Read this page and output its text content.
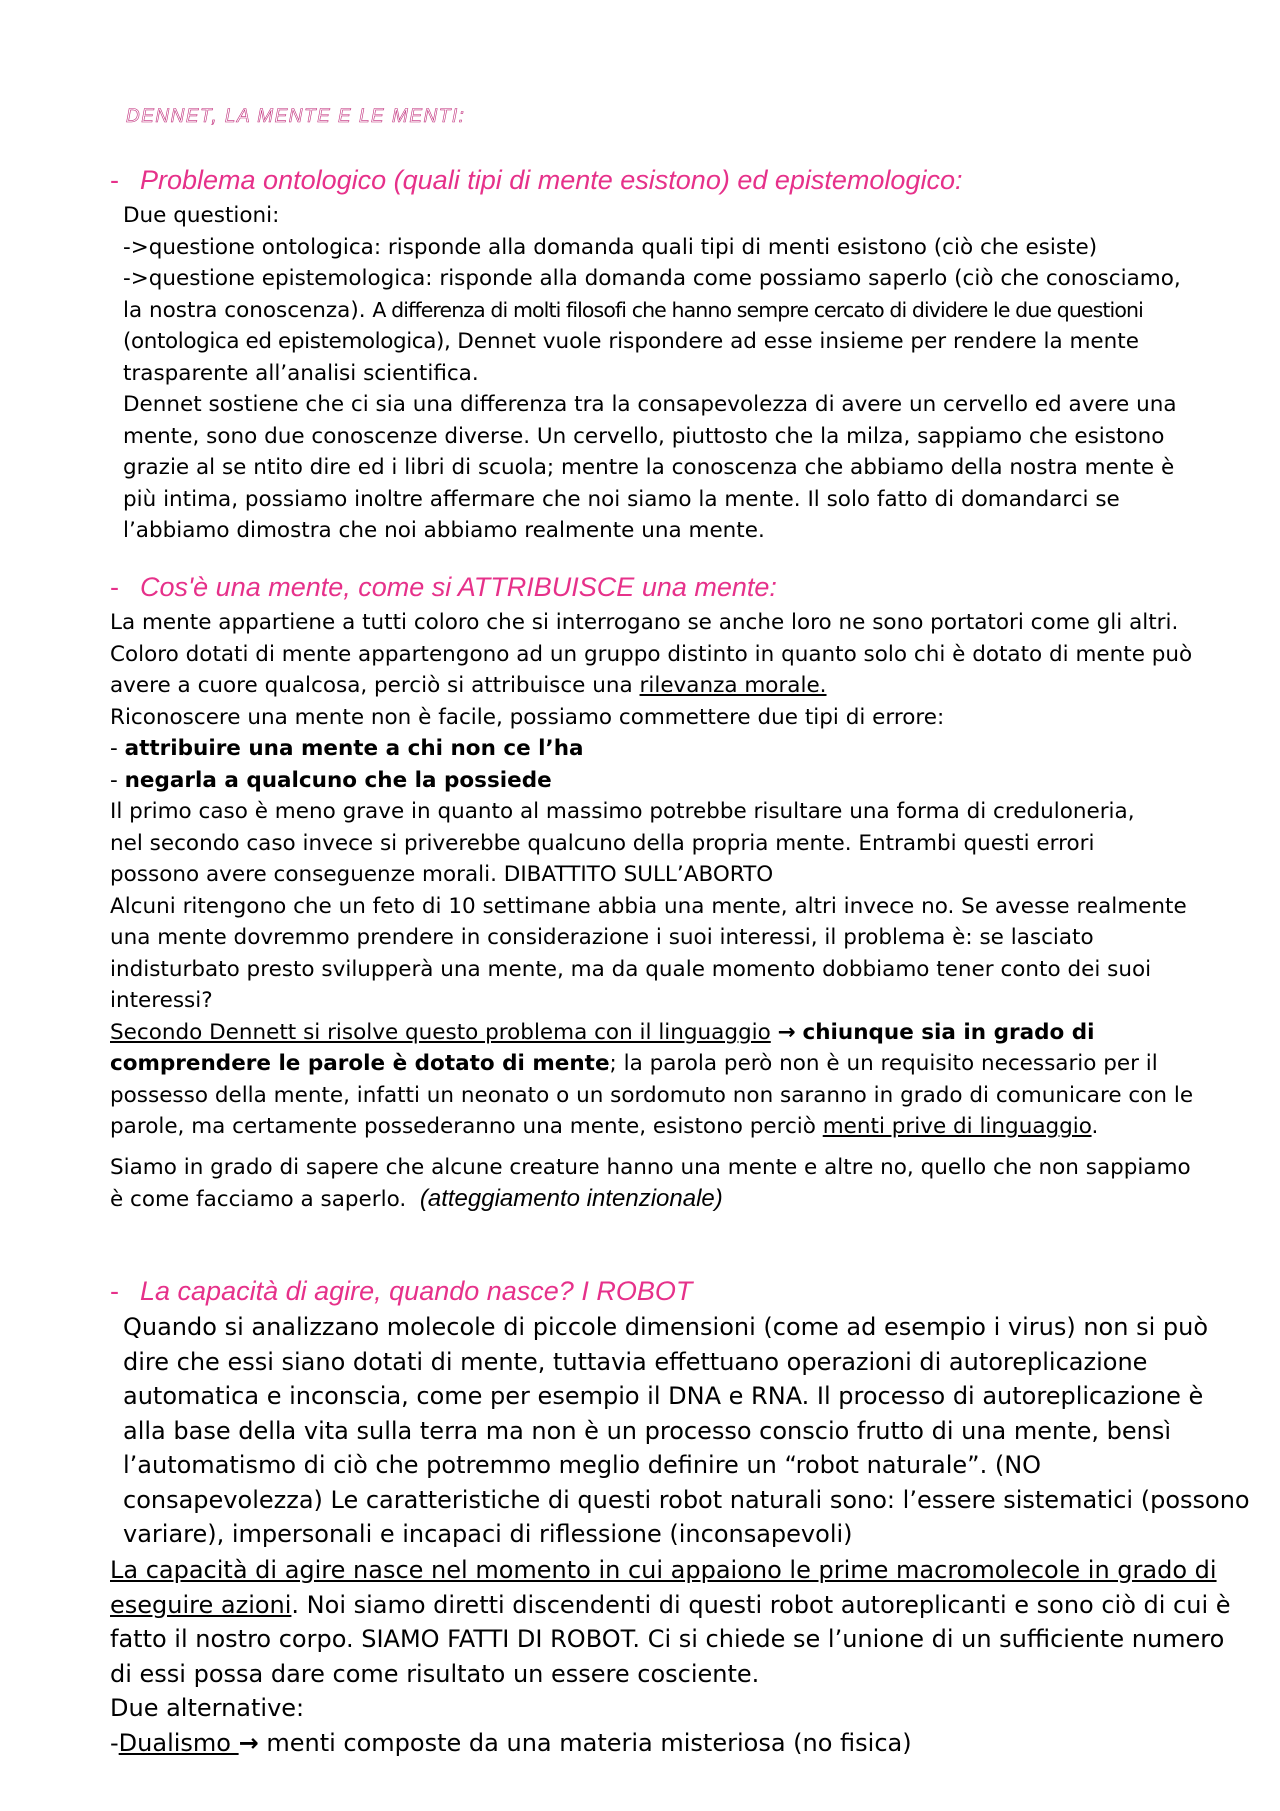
DENNET, LA MENTE E LE MENTI:
- Problema ontologico (quali tipi di mente esistono) ed epistemologico:

Due questioni:

->questione ontologica: risponde alla domanda quali tipi di menti esistono (ciò che esiste)

->questione epistemologica: risponde alla domanda come possiamo saperlo (ciò che conosciamo,

la nostra conoscenza). A differenza di molti filosofi che hanno sempre cercato di dividere le due questioni

(ontologica ed epistemologica), Dennet vuole rispondere ad esse insieme per rendere la mente

trasparente all’analisi scientifica.

Dennet sostiene che ci sia una differenza tra la consapevolezza di avere un cervello ed avere una

mente, sono due conoscenze diverse. Un cervello, piuttosto che la milza, sappiamo che esistono

grazie al se ntito dire ed i libri di scuola; mentre la conoscenza che abbiamo della nostra mente è

più intima, possiamo inoltre affermare che noi siamo la mente. Il solo fatto di domandarci se

l’abbiamo dimostra che noi abbiamo realmente una mente.

- Cos'è una mente, come si ATTRIBUISCE una mente:

La mente appartiene a tutti coloro che si interrogano se anche loro ne sono portatori come gli altri.

Coloro dotati di mente appartengono ad un gruppo distinto in quanto solo chi è dotato di mente può

avere a cuore qualcosa, perciò si attribuisce una rilevanza morale.

Riconoscere una mente non è facile, possiamo commettere due tipi di errore:

- attribuire una mente a chi non ce l’ha

- negarla a qualcuno che la possiede

Il primo caso è meno grave in quanto al massimo potrebbe risultare una forma di creduloneria,

nel secondo caso invece si priverebbe qualcuno della propria mente. Entrambi questi errori

possono avere conseguenze morali. DIBATTITO SULL’ABORTO

Alcuni ritengono che un feto di 10 settimane abbia una mente, altri invece no. Se avesse realmente

una mente dovremmo prendere in considerazione i suoi interessi, il problema è: se lasciato

indisturbato presto svilupperà una mente, ma da quale momento dobbiamo tener conto dei suoi

interessi?

Secondo Dennett si risolve questo problema con il linguaggio → chiunque sia in grado di

comprendere le parole è dotato di mente; la parola però non è un requisito necessario per il

possesso della mente, infatti un neonato o un sordomuto non saranno in grado di comunicare con le

parole, ma certamente possederanno una mente, esistono perciò menti prive di linguaggio.

Siamo in grado di sapere che alcune creature hanno una mente e altre no, quello che non sappiamo

è come facciamo a saperlo. (atteggiamento intenzionale)

- La capacità di agire, quando nasce? I ROBOT

Quando si analizzano molecole di piccole dimensioni (come ad esempio i virus) non si può

dire che essi siano dotati di mente, tuttavia effettuano operazioni di autoreplicazione

automatica e inconscia, come per esempio il DNA e RNA. Il processo di autoreplicazione è

alla base della vita sulla terra ma non è un processo conscio frutto di una mente, bensì

l’automatismo di ciò che potremmo meglio definire un “robot naturale”. (NO

consapevolezza) Le caratteristiche di questi robot naturali sono: l’essere sistematici (possono

variare), impersonali e incapaci di riflessione (inconsapevoli)

La capacità di agire nasce nel momento in cui appaiono le prime macromolecole in grado di

eseguire azioni. Noi siamo diretti discendenti di questi robot autoreplicanti e sono ciò di cui è

fatto il nostro corpo. SIAMO FATTI DI ROBOT. Ci si chiede se l’unione di un sufficiente numero

di essi possa dare come risultato un essere cosciente.

Due alternative:

-Dualismo → menti composte da una materia misteriosa (no fisica)
